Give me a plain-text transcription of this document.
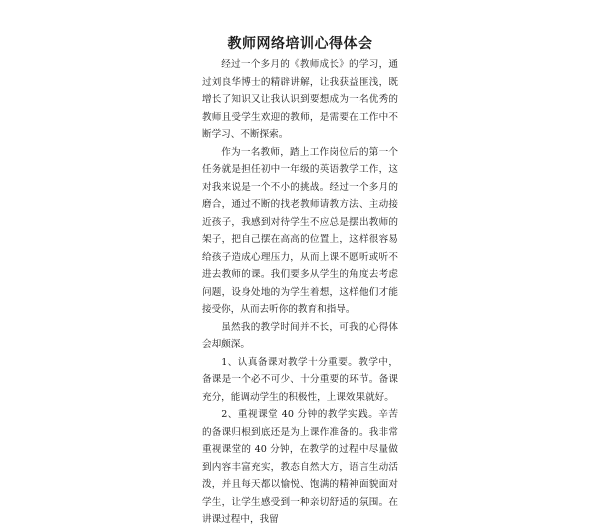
教师网络培训心得体会

经过一个多月的《教师成长》的学习，通过刘良华博士的精辟讲解，让我获益匪浅，既增长了知识又让我认识到要想成为一名优秀的教师且受学生欢迎的教师，是需要在工作中不断学习、不断探索。

作为一名教师，踏上工作岗位后的第一个任务就是担任初中一年级的英语教学工作，这对我来说是一个不小的挑战。经过一个多月的磨合，通过不断的找老教师请教方法、主动接近孩子，我感到对待学生不应总是摆出教师的架子，把自己摆在高高的位置上，这样很容易给孩子造成心理压力，从而上课不愿听或听不进去教师的课。我们要多从学生的角度去考虑问题，设身处地的为学生着想，这样他们才能接受你，从而去听你的教育和指导。

虽然我的教学时间并不长，可我的心得体会却颇深。

1、认真备课对教学十分重要。教学中，备课是一个必不可少、十分重要的环节。备课充分，能调动学生的积极性，上课效果就好。

2、重视课堂 40 分钟的教学实践。辛苦的备课归根到底还是为上课作准备的。我非常重视课堂的 40 分钟，在教学的过程中尽量做到内容丰富充实，教态自然大方，语言生动活泼，并且每天都以愉悦、饱满的精神面貌面对学生，让学生感受到一种亲切舒适的氛围。在讲课过程中，我留
